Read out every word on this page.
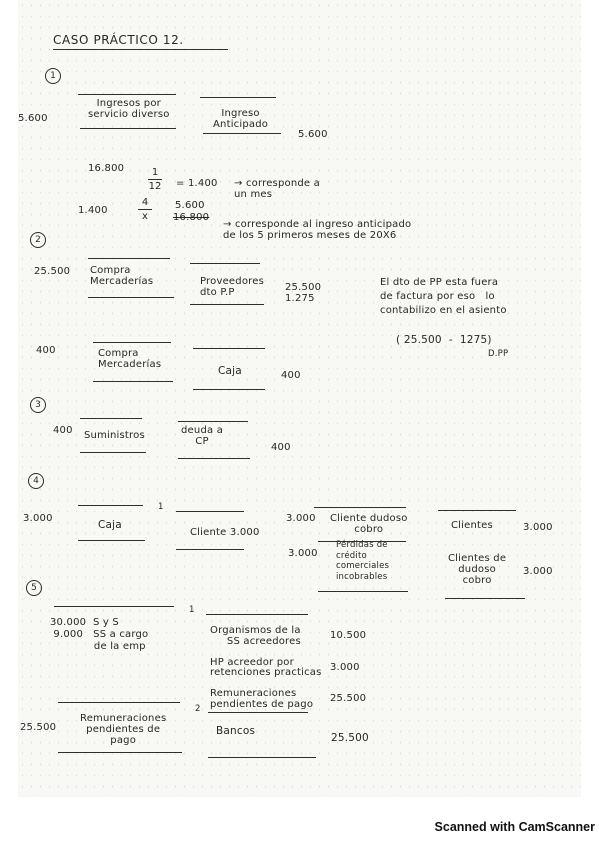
CASO PRÁCTICO 12.
1
5.600
Ingresos por
servicio diverso	Ingreso
Anticipado
5.600
16.800	1
12 = 1.400 → corresponde a
un mes
1.400
4
x
5.600
16.800
→ corresponde al ingreso anticipado
de los 5 primeros meses de 20X6
2
25.500 Compra
Mercaderías	Proveedores
dto P.P	25.500
1.275
El dto de PP esta fuera
de factura por eso   lo
contabilizo en el asiento
( 25.500  -  1275)
D.PP
400	Compra
Mercaderías
Caja	400
3
400 Suministros	deuda a
CP
400
4
1
3.000
Caja
Cliente 3.000
3.000 Cliente dudoso
cobro	Clientes	3.000
3.000
Pérdidas de
crédito
comerciales
incobrables
Clientes de
dudoso
cobro
3.000
5
1
30.000  S y S
9.000   SS a cargo
de la emp
Organismos de la
SS acreedores

HP acreedor por
retenciones practicas

Remuneraciones
pendientes de pago
10.500

3.000

25.500
2
25.500
Remuneraciones
pendientes de
pago
Bancos
25.500
Scanned with CamScanner
